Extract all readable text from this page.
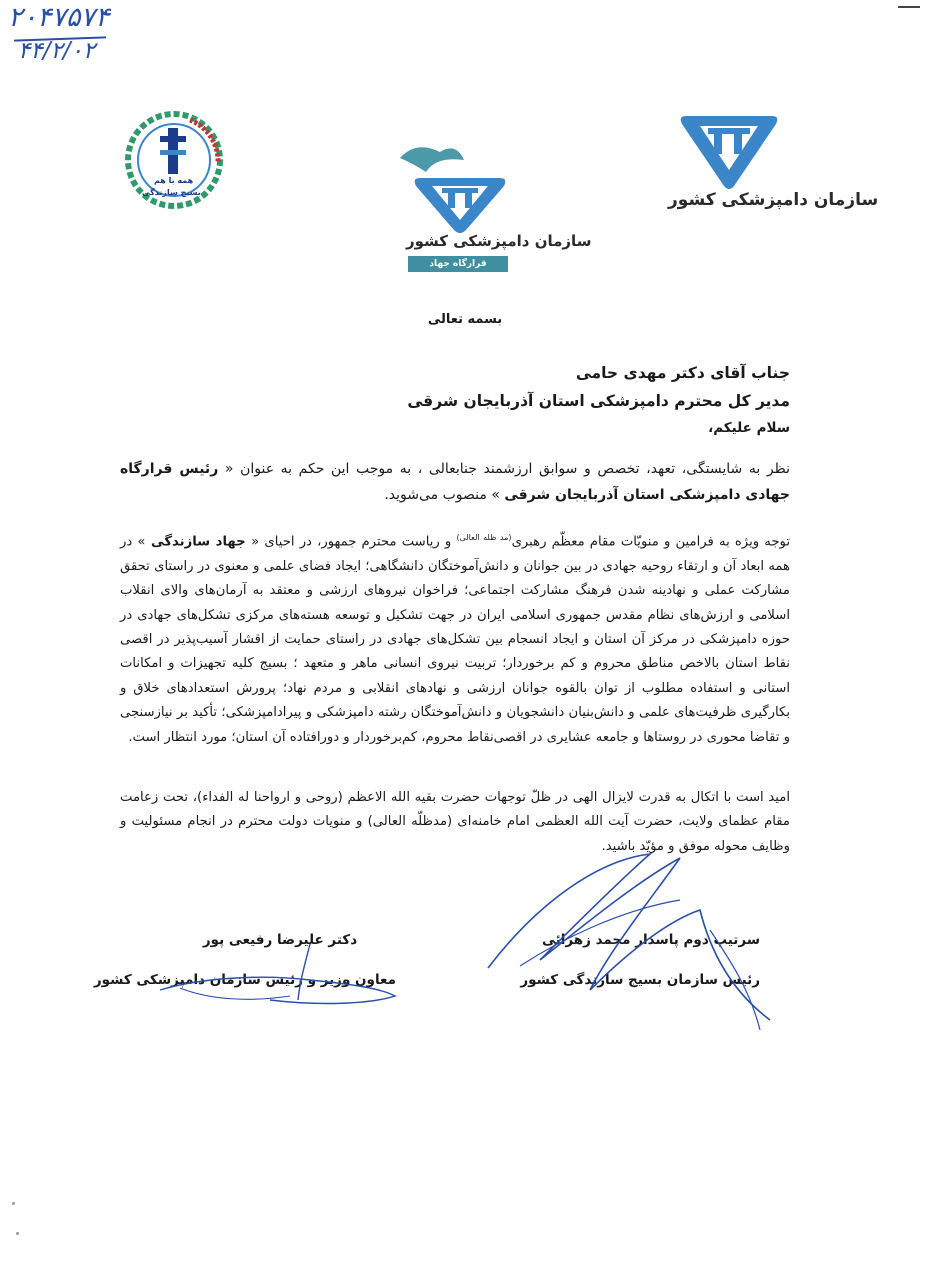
۲۰۴۷۵۷۴
۴۴/۲/۰۲
سازمان دامپزشکی کشور
سازمان دامپزشکی کشور
قرارگاه جهاد دامپزشکی
همه با هم
بسیج سازندگی
بسمه تعالی
جناب آقای دکتر مهدی حامی
مدیر کل محترم دامپزشکی استان آذربایجان شرقی
سلام علیکم،
نظر به شایستگی، تعهد، تخصص و سوابق ارزشمند جنابعالی ، به موجب این حکم به عنوان « رئیس قرارگاه جهادی دامپزشکی استان آذربایجان شرقی » منصوب می‌شوید.
توجه ویژه به فرامین و منویّات مقام معظّم رهبری$^{(مد ظله العالی)}$ و ریاست محترم جمهور، در احیای « جهاد سازندگی » در همه ابعاد آن و ارتقاء روحیه جهادی در بین جوانان و دانش‌آموختگان دانشگاهی؛ ایجاد فضای علمی و معنوی در راستای تحقق مشارکت عملی و نهادینه شدن فرهنگ مشارکت اجتماعی؛ فراخوان نیروهای ارزشی و معتقد به آرمان‌های والای انقلاب اسلامی و ارزش‌های نظام مقدس جمهوری اسلامی ایران در جهت تشکیل و توسعه هسته‌های مرکزی تشکل‌های جهادی در حوزه دامپزشکی در مرکز آن استان و ایجاد انسجام بین تشکل‌های جهادی در راستای حمایت از اقشار آسیب‌پذیر در اقصی نقاط استان بالاخص مناطق محروم و کم برخوردار؛ تربیت نیروی انسانی ماهر و متعهد ؛ بسیج کلیه تجهیزات و امکانات استانی و استفاده مطلوب از توان بالقوه جوانان ارزشی و نهادهای انقلابی و مردم نهاد؛ پرورش استعدادهای خلاق و بکارگیری ظرفیت‌های علمی و دانش‌بنیان دانشجویان و دانش‌آموختگان رشته دامپزشکی و پیرادامپزشکی؛ تأکید بر نیازسنجی و تقاضا محوری در روستاها و جامعه عشایری در اقصی‌نقاط محروم، کم‌برخوردار و دورافتاده آن استان؛ مورد انتظار است.
امید است با اتکال به قدرت لایزال الهی در ظلّ توجهات حضرت بقیه الله الاعظم (روحی و ارواحنا له الفداء)، تحت زعامت مقام عظمای ولایت، حضرت آیت الله العظمی امام خامنه‌ای (مدظلّه العالی) و منویات دولت محترم در انجام مسئولیت و وظایف محوله موفق و مؤیّد باشید.
سرتیپ دوم پاسدار محمد زهرائی
رئیس سازمان بسیج سازندگی کشور
دکتر علیرضا رفیعی پور
معاون وزیر و رئیس سازمان دامپزشکی کشور
